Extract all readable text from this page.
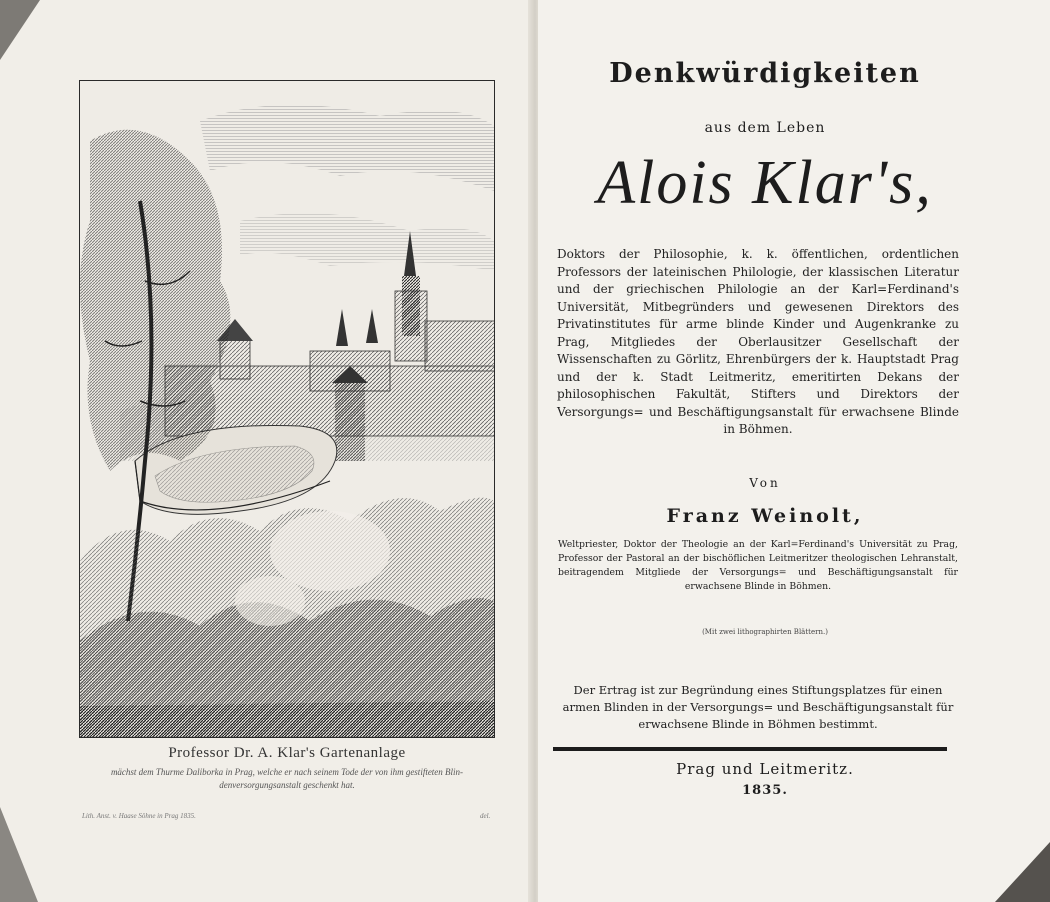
Professor Dr. A. Klar's Gartenanlage
mächst dem Thurme Daliborka in Prag, welche er nach seinem Tode der von ihm gestifteten Blin-
denversorgungsanstalt geschenkt hat.
Lith. Anst. v. Haase Söhne in Prag 1835.	del.
Denkwürdigkeiten
aus dem Leben
Alois Klar's,
Doktors der Philosophie, k. k. öffentlichen, ordentlichen Professors der lateinischen Philologie, der klassischen Literatur und der griechischen Philologie an der Karl=Ferdinand's Universität, Mitbegründers und gewesenen Direktors des Privatinstitutes für arme blinde Kinder und Augenkranke zu Prag, Mitgliedes der Oberlausitzer Gesellschaft der Wissenschaften zu Görlitz, Ehrenbürgers der k. Hauptstadt Prag und der k. Stadt Leitmeritz, emeritirten Dekans der philosophischen Fakultät, Stifters und Direktors der Versorgungs= und Beschäftigungsanstalt für erwachsene Blinde in Böhmen.
Von
Franz Weinolt,
Weltpriester, Doktor der Theologie an der Karl=Ferdinand's Universität zu Prag, Professor der Pastoral an der bischöflichen Leitmeritzer theologischen Lehranstalt, beitragendem Mitgliede der Versorgungs= und Beschäftigungsanstalt für erwachsene Blinde in Böhmen.
(Mit zwei lithographirten Blättern.)
Der Ertrag ist zur Begründung eines Stiftungsplatzes für einen armen Blinden in der Versorgungs= und Beschäftigungsanstalt für erwachsene Blinde in Böhmen bestimmt.
Prag und Leitmeritz.
1835.
